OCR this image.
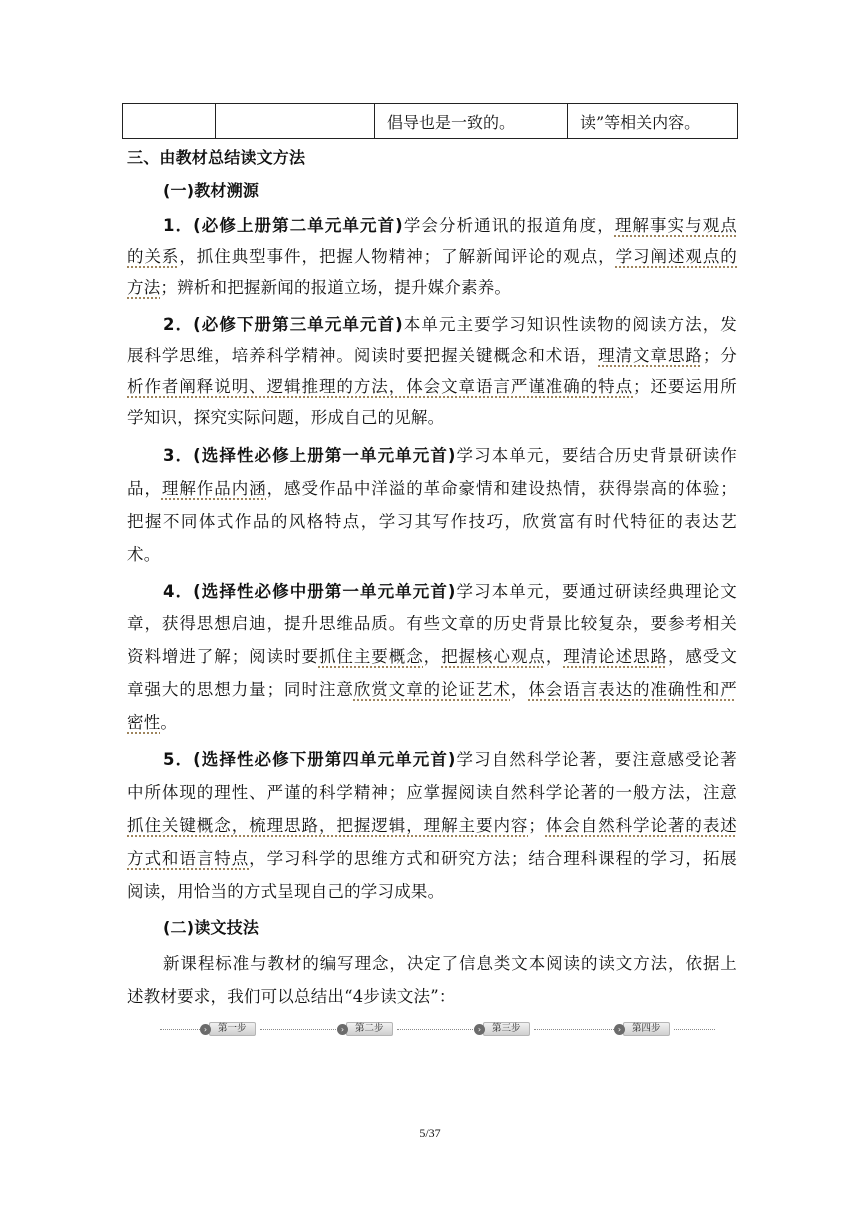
		倡导也是一致的。	读”等相关内容。
三、由教材总结读文方法
(一)教材溯源
1．(必修上册第二单元单元首)学会分析通讯的报道角度，理解事实与观点
的关系，抓住典型事件，把握人物精神；了解新闻评论的观点，学习阐述观点的
方法；辨析和把握新闻的报道立场，提升媒介素养。
2．(必修下册第三单元单元首)本单元主要学习知识性读物的阅读方法，发
展科学思维，培养科学精神。阅读时要把握关键概念和术语，理清文章思路；分
析作者阐释说明、逻辑推理的方法，体会文章语言严谨准确的特点；还要运用所
学知识，探究实际问题，形成自己的见解。
3．(选择性必修上册第一单元单元首)学习本单元，要结合历史背景研读作
品，理解作品内涵，感受作品中洋溢的革命豪情和建设热情，获得崇高的体验；
把握不同体式作品的风格特点，学习其写作技巧，欣赏富有时代特征的表达艺
术。
4．(选择性必修中册第一单元单元首)学习本单元，要通过研读经典理论文
章，获得思想启迪，提升思维品质。有些文章的历史背景比较复杂，要参考相关
资料增进了解；阅读时要抓住主要概念，把握核心观点，理清论述思路，感受文
章强大的思想力量；同时注意欣赏文章的论证艺术，体会语言表达的准确性和严
密性。
5．(选择性必修下册第四单元单元首)学习自然科学论著，要注意感受论著
中所体现的理性、严谨的科学精神；应掌握阅读自然科学论著的一般方法，注意
抓住关键概念，梳理思路，把握逻辑，理解主要内容；体会自然科学论著的表述
方式和语言特点，学习科学的思维方式和研究方法；结合理科课程的学习，拓展
阅读，用恰当的方式呈现自己的学习成果。
(二)读文技法
新课程标准与教材的编写理念，决定了信息类文本阅读的读文方法，依据上
述教材要求，我们可以总结出“4步读文法”：
›	第一步	›	第二步	›	第三步	›	第四步
5/37
